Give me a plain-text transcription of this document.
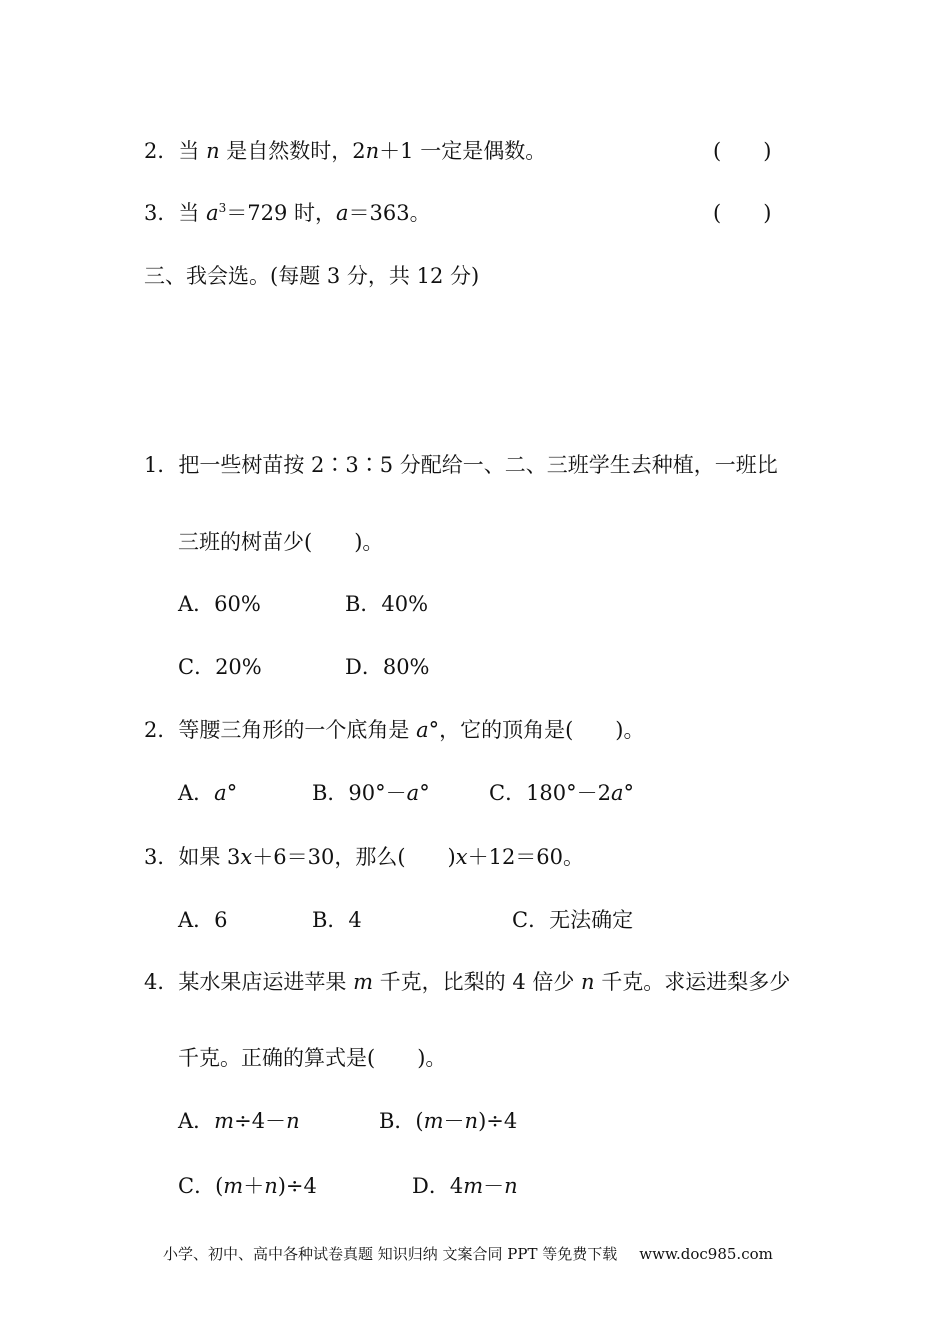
2．当 n 是自然数时，2n＋1 一定是偶数。	(　　)
3．当 $a^3=729$ 时，a＝363。	(　　)
三、我会选。(每题 3 分，共 12 分)
1．把一些树苗按 2∶3∶5 分配给一、二、三班学生去种植，一班比
三班的树苗少(　　)。
A．60%	B．40%
C．20%	D．80%
2．等腰三角形的一个底角是 a°，它的顶角是(　　)。
A．a°	B．90°－a°	C．180°－2a°
3．如果 3x＋6＝30，那么(　　)x＋12＝60。
A．6	B．4	C．无法确定
4．某水果店运进苹果 m 千克，比梨的 4 倍少 n 千克。求运进梨多少
千克。正确的算式是(　　)。
A．m÷4－n	B．(m－n)÷4
C．(m＋n)÷4	D．4m－n
小学、初中、高中各种试卷真题 知识归纳 文案合同 PPT 等免费下载 www.doc985.com
